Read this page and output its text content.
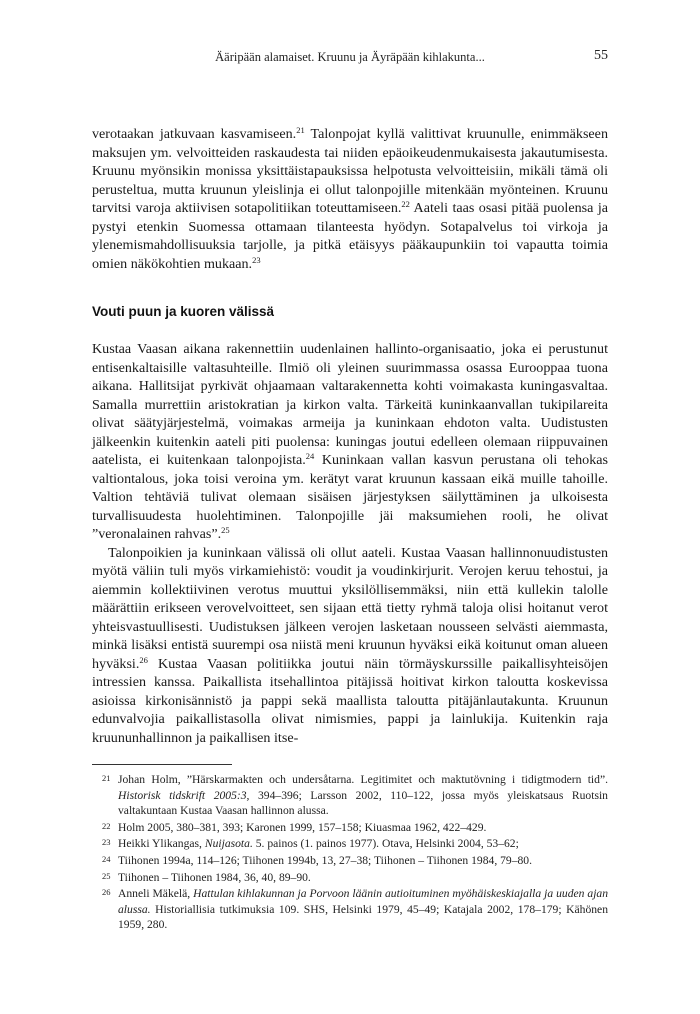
Ääripään alamaiset. Kruunu ja Äyräpään kihlakunta...	55

verotaakan jatkuvaan kasvamiseen.$^{21}$ Talonpojat kyllä valittivat kruunulle, enimmäkseen maksujen ym. velvoitteiden raskaudesta tai niiden epäoikeudenmukaisesta jakautumisesta. Kruunu myönsikin monissa yksittäistapauksissa helpotusta velvoitteisiin, mikäli tämä oli perusteltua, mutta kruunun yleislinja ei ollut talonpojille mitenkään myönteinen. Kruunu tarvitsi varoja aktiivisen sotapolitiikan toteuttamiseen.$^{22}$ Aateli taas osasi pitää puolensa ja pystyi etenkin Suomessa ottamaan tilanteesta hyödyn. Sotapalvelus toi virkoja ja ylenemismahdollisuuksia tarjolle, ja pitkä etäisyys pääkaupunkiin toi vapautta toimia omien näkökohtien mukaan.$^{23}$

Vouti puun ja kuoren välissä

Kustaa Vaasan aikana rakennettiin uudenlainen hallinto-organisaatio, joka ei perustunut entisenkaltaisille valtasuhteille. Ilmiö oli yleinen suurimmassa osassa Eurooppaa tuona aikana. Hallitsijat pyrkivät ohjaamaan valtarakennetta kohti voimakasta kuningasvaltaa. Samalla murrettiin aristokratian ja kirkon valta. Tärkeitä kuninkaanvallan tukipilareita olivat säätyjärjestelmä, voimakas armeija ja kuninkaan ehdoton valta. Uudistusten jälkeenkin kuitenkin aateli piti puolensa: kuningas joutui edelleen olemaan riippuvainen aatelista, ei kuitenkaan talonpojista.$^{24}$ Kuninkaan vallan kasvun perustana oli tehokas valtiontalous, joka toisi veroina ym. kerätyt varat kruunun kassaan eikä muille tahoille. Valtion tehtäviä tulivat olemaan sisäisen järjestyksen säilyttäminen ja ulkoisesta turvallisuudesta huolehtiminen. Talonpojille jäi maksumiehen rooli, he olivat ”veronalainen rahvas”.$^{25}$

Talonpoikien ja kuninkaan välissä oli ollut aateli. Kustaa Vaasan hallinnonuudistusten myötä väliin tuli myös virkamiehistö: voudit ja voudinkirjurit. Verojen keruu tehostui, ja aiemmin kollektiivinen verotus muuttui yksilöllisemmäksi, niin että kullekin talolle määrättiin erikseen verovelvoitteet, sen sijaan että tietty ryhmä taloja olisi hoitanut verot yhteisvastuullisesti. Uudistuksen jälkeen verojen lasketaan nousseen selvästi aiemmasta, minkä lisäksi entistä suurempi osa niistä meni kruunun hyväksi eikä koitunut oman alueen hyväksi.$^{26}$ Kustaa Vaasan politiikka joutui näin törmäyskurssille paikallisyhteisöjen intressien kanssa. Paikallista itsehallintoa pitäjissä hoitivat kirkon taloutta koskevissa asioissa kirkonisännistö ja pappi sekä maallista taloutta pitäjänlautakunta. Kruunun edunvalvojia paikallistasolla olivat nimismies, pappi ja lainlukija. Kuitenkin raja kruununhallinnon ja paikallisen itse-

21 Johan Holm, ”Härskarmakten och undersåtarna. Legitimitet och maktutövning i tidigtmodern tid”. Historisk tidskrift 2005:3, 394–396; Larsson 2002, 110–122, jossa myös yleiskatsaus Ruotsin valtakuntaan Kustaa Vaasan hallinnon alussa.
22 Holm 2005, 380–381, 393; Karonen 1999, 157–158; Kiuasmaa 1962, 422–429.
23 Heikki Ylikangas, Nuijasota. 5. painos (1. painos 1977). Otava, Helsinki 2004, 53–62;
24 Tiihonen 1994a, 114–126; Tiihonen 1994b, 13, 27–38; Tiihonen – Tiihonen 1984, 79–80.
25 Tiihonen – Tiihonen 1984, 36, 40, 89–90.
26 Anneli Mäkelä, Hattulan kihlakunnan ja Porvoon läänin autioituminen myöhäiskeskiajalla ja uuden ajan alussa. Historiallisia tutkimuksia 109. SHS, Helsinki 1979, 45–49; Katajala 2002, 178–179; Kähönen 1959, 280.
